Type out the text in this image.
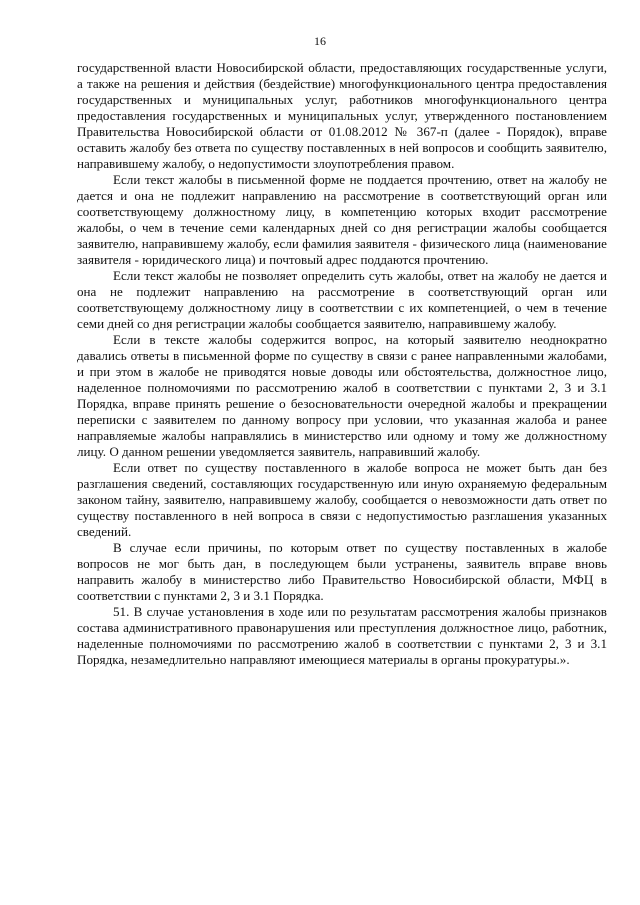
16

государственной власти Новосибирской области, предоставляющих государственные услуги, а также на решения и действия (бездействие) многофункционального центра предоставления государственных и муниципальных услуг, работников многофункционального центра предоставления государственных и муниципальных услуг, утвержденного постановлением Правительства Новосибирской области от 01.08.2012 № 367-п (далее - Порядок), вправе оставить жалобу без ответа по существу поставленных в ней вопросов и сообщить заявителю, направившему жалобу, о недопустимости злоупотребления правом.

Если текст жалобы в письменной форме не поддается прочтению, ответ на жалобу не дается и она не подлежит направлению на рассмотрение в соответствующий орган или соответствующему должностному лицу, в компетенцию которых входит рассмотрение жалобы, о чем в течение семи календарных дней со дня регистрации жалобы сообщается заявителю, направившему жалобу, если фамилия заявителя - физического лица (наименование заявителя - юридического лица) и почтовый адрес поддаются прочтению.

Если текст жалобы не позволяет определить суть жалобы, ответ на жалобу не дается и она не подлежит направлению на рассмотрение в соответствующий орган или соответствующему должностному лицу в соответствии с их компетенцией, о чем в течение семи дней со дня регистрации жалобы сообщается заявителю, направившему жалобу.

Если в тексте жалобы содержится вопрос, на который заявителю неоднократно давались ответы в письменной форме по существу в связи с ранее направленными жалобами, и при этом в жалобе не приводятся новые доводы или обстоятельства, должностное лицо, наделенное полномочиями по рассмотрению жалоб в соответствии с пунктами 2, 3 и 3.1 Порядка, вправе принять решение о безосновательности очередной жалобы и прекращении переписки с заявителем по данному вопросу при условии, что указанная жалоба и ранее направляемые жалобы направлялись в министерство или одному и тому же должностному лицу. О данном решении уведомляется заявитель, направивший жалобу.

Если ответ по существу поставленного в жалобе вопроса не может быть дан без разглашения сведений, составляющих государственную или иную охраняемую федеральным законом тайну, заявителю, направившему жалобу, сообщается о невозможности дать ответ по существу поставленного в ней вопроса в связи с недопустимостью разглашения указанных сведений.

В случае если причины, по которым ответ по существу поставленных в жалобе вопросов не мог быть дан, в последующем были устранены, заявитель вправе вновь направить жалобу в министерство либо Правительство Новосибирской области, МФЦ в соответствии с пунктами 2, 3 и 3.1 Порядка.

51. В случае установления в ходе или по результатам рассмотрения жалобы признаков состава административного правонарушения или преступления должностное лицо, работник, наделенные полномочиями по рассмотрению жалоб в соответствии с пунктами 2, 3 и 3.1 Порядка, незамедлительно направляют имеющиеся материалы в органы прокуратуры.».
